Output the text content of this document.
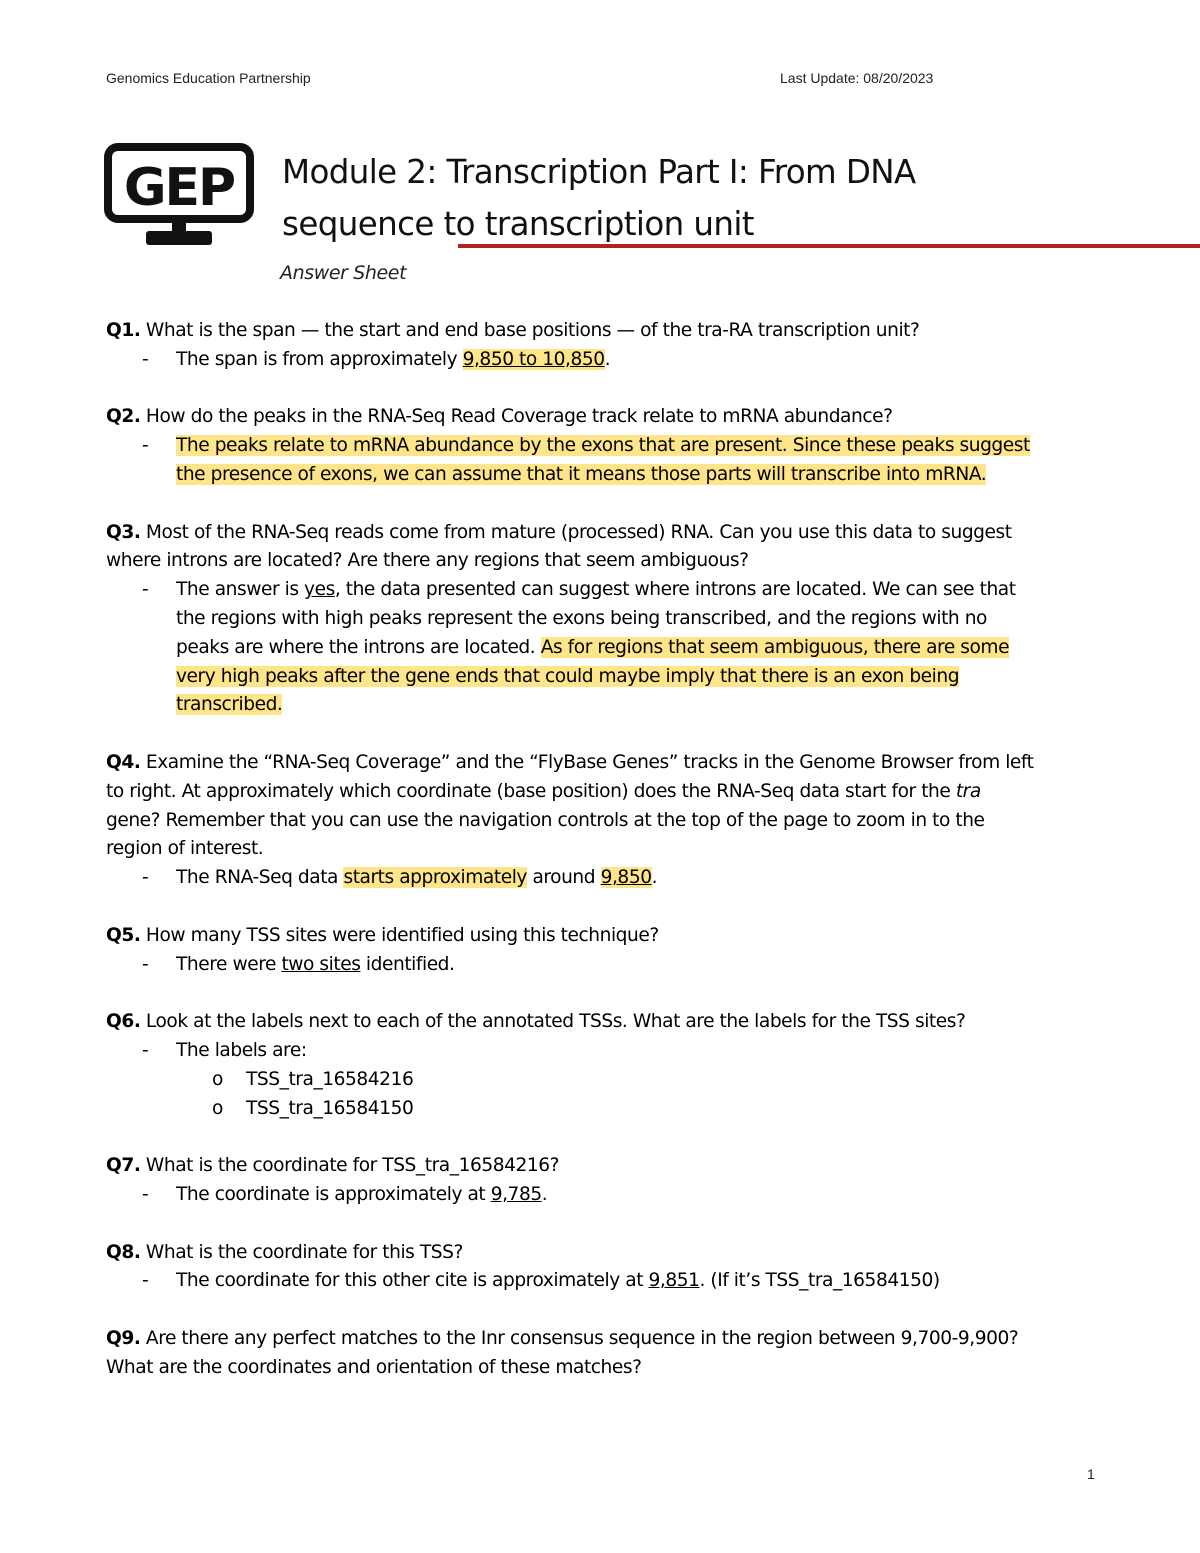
Genomics Education Partnership	Last Update: 08/20/2023
GEP Module 2: Transcription Part I: From DNA
sequence to transcription unit
Answer Sheet
Q1. What is the span — the start and end base positions — of the tra-RA transcription unit?
- The span is from approximately 9,850 to 10,850.
Q2. How do the peaks in the RNA-Seq Read Coverage track relate to mRNA abundance?
- The peaks relate to mRNA abundance by the exons that are present. Since these peaks suggest
the presence of exons, we can assume that it means those parts will transcribe into mRNA.
Q3. Most of the RNA-Seq reads come from mature (processed) RNA. Can you use this data to suggest
where introns are located? Are there any regions that seem ambiguous?
- The answer is yes, the data presented can suggest where introns are located. We can see that
the regions with high peaks represent the exons being transcribed, and the regions with no
peaks are where the introns are located. As for regions that seem ambiguous, there are some
very high peaks after the gene ends that could maybe imply that there is an exon being
transcribed.
Q4. Examine the “RNA-Seq Coverage” and the “FlyBase Genes” tracks in the Genome Browser from left
to right. At approximately which coordinate (base position) does the RNA-Seq data start for the tra
gene? Remember that you can use the navigation controls at the top of the page to zoom in to the
region of interest.
- The RNA-Seq data starts approximately around 9,850.
Q5. How many TSS sites were identified using this technique?
- There were two sites identified.
Q6. Look at the labels next to each of the annotated TSSs. What are the labels for the TSS sites?
- The labels are:
o TSS_tra_16584216
o TSS_tra_16584150
Q7. What is the coordinate for TSS_tra_16584216?
- The coordinate is approximately at 9,785.
Q8. What is the coordinate for this TSS?
- The coordinate for this other cite is approximately at 9,851. (If it’s TSS_tra_16584150)
Q9. Are there any perfect matches to the Inr consensus sequence in the region between 9,700-9,900?
What are the coordinates and orientation of these matches?
1
